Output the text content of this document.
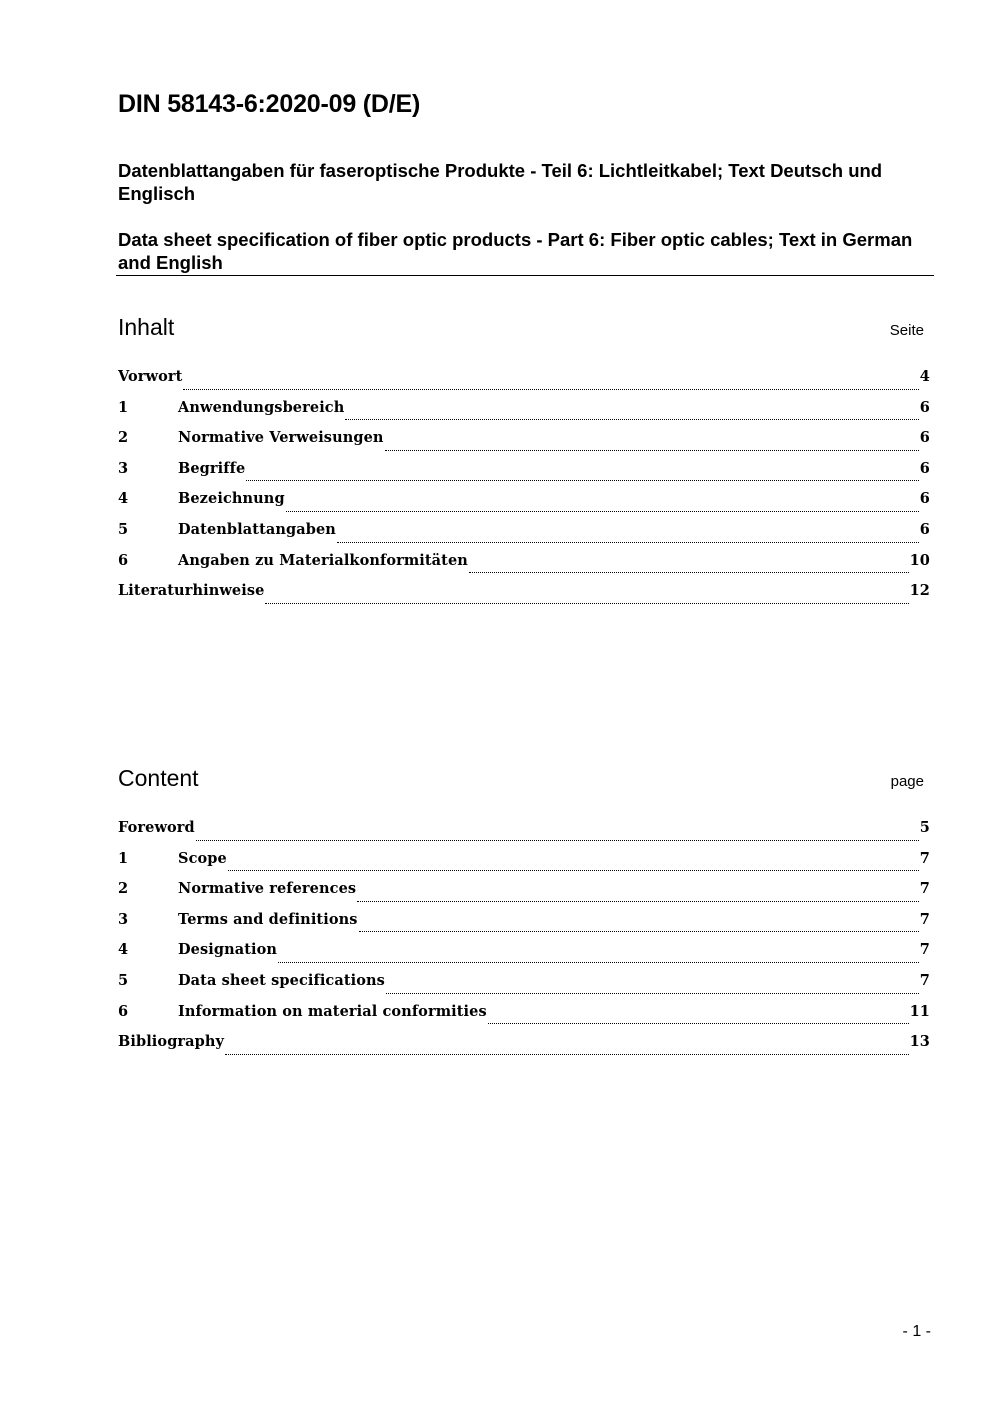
DIN 58143-6:2020-09 (D/E)
Datenblattangaben für faseroptische Produkte - Teil 6: Lichtleitkabel; Text Deutsch und Englisch
Data sheet specification of fiber optic products - Part 6: Fiber optic cables; Text in German and English
Inhalt	Seite
Vorwort	4
1	Anwendungsbereich	6
2	Normative Verweisungen	6
3	Begriffe	6
4	Bezeichnung	6
5	Datenblattangaben	6
6	Angaben zu Materialkonformitäten	10
Literaturhinweise	12
Content	page
Foreword	5
1	Scope	7
2	Normative references	7
3	Terms and definitions	7
4	Designation	7
5	Data sheet specifications	7
6	Information on material conformities	11
Bibliography	13
- 1 -
